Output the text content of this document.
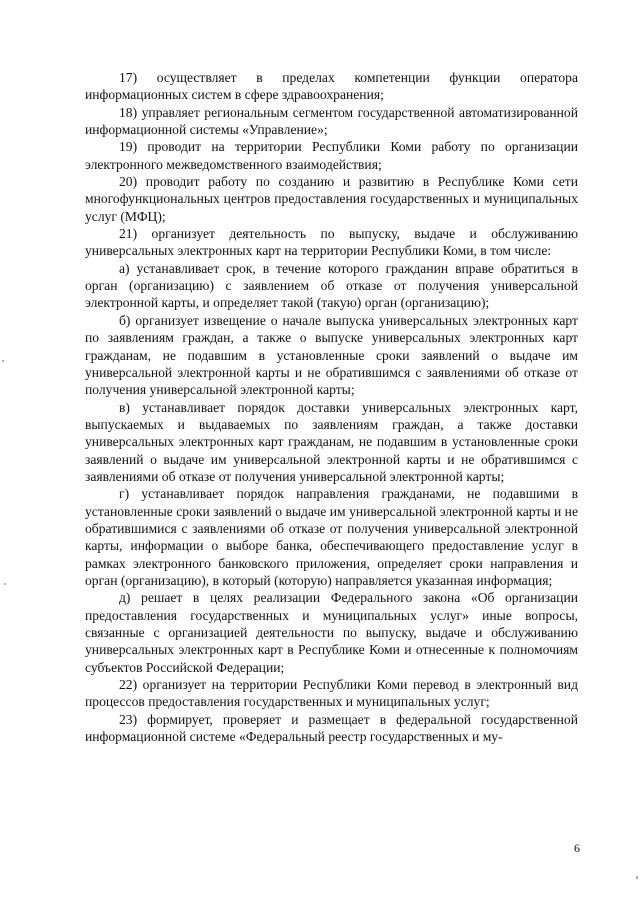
17) осуществляет в пределах компетенции функции оператора информационных систем в сфере здравоохранения;

18) управляет региональным сегментом государственной автоматизированной информационной системы «Управление»;

19) проводит на территории Республики Коми работу по организации электронного межведомственного взаимодействия;

20) проводит работу по созданию и развитию в Республике Коми сети многофункциональных центров предоставления государственных и муниципальных услуг (МФЦ);

21) организует деятельность по выпуску, выдаче и обслуживанию универсальных электронных карт на территории Республики Коми, в том числе:

а) устанавливает срок, в течение которого гражданин вправе обратиться в орган (организацию) с заявлением об отказе от получения универсальной электронной карты, и определяет такой (такую) орган (организацию);

б) организует извещение о начале выпуска универсальных электронных карт по заявлениям граждан, а также о выпуске универсальных электронных карт гражданам, не подавшим в установленные сроки заявлений о выдаче им универсальной электронной карты и не обратившимся с заявлениями об отказе от получения универсальной электронной карты;

в) устанавливает порядок доставки универсальных электронных карт, выпускаемых и выдаваемых по заявлениям граждан, а также доставки универсальных электронных карт гражданам, не подавшим в установленные сроки заявлений о выдаче им универсальной электронной карты и не обратившимся с заявлениями об отказе от получения универсальной электронной карты;

г) устанавливает порядок направления гражданами, не подавшими в установленные сроки заявлений о выдаче им универсальной электронной карты и не обратившимися с заявлениями об отказе от получения универсальной электронной карты, информации о выборе банка, обеспечивающего предоставление услуг в рамках электронного банковского приложения, определяет сроки направления и орган (организацию), в который (которую) направляется указанная информация;

д) решает в целях реализации Федерального закона «Об организации предоставления государственных и муниципальных услуг» иные вопросы, связанные с организацией деятельности по выпуску, выдаче и обслуживанию универсальных электронных карт в Республике Коми и отнесенные к полномочиям субъектов Российской Федерации;

22) организует на территории Республики Коми перевод в электронный вид процессов предоставления государственных и муниципальных услуг;

23) формирует, проверяет и размещает в федеральной государственной информационной системе «Федеральный реестр государственных и му-

6
